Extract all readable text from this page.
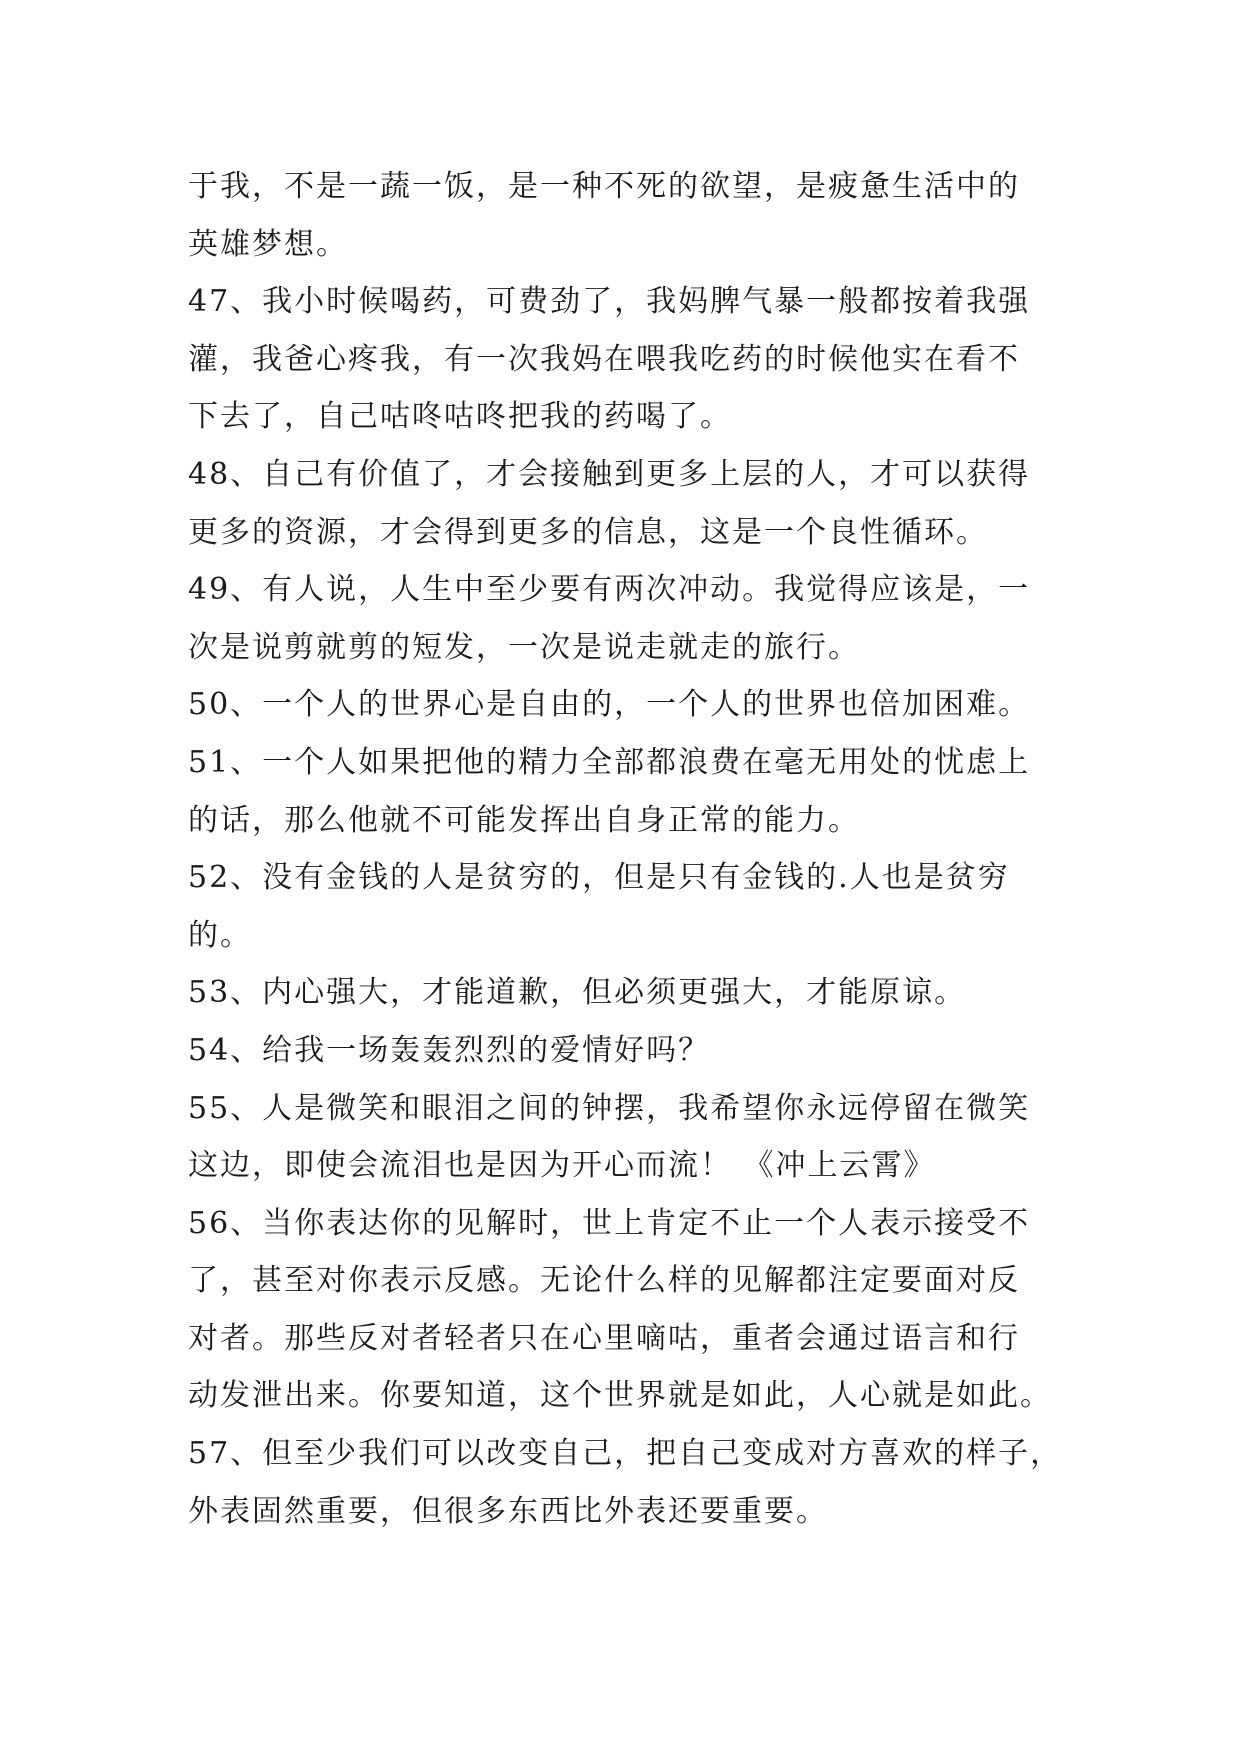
于我，不是一蔬一饭，是一种不死的欲望，是疲惫生活中的
英雄梦想。
47、我小时候喝药，可费劲了，我妈脾气暴一般都按着我强
灌，我爸心疼我，有一次我妈在喂我吃药的时候他实在看不
下去了，自己咕咚咕咚把我的药喝了。
48、自己有价值了，才会接触到更多上层的人，才可以获得
更多的资源，才会得到更多的信息，这是一个良性循环。
49、有人说，人生中至少要有两次冲动。我觉得应该是，一
次是说剪就剪的短发，一次是说走就走的旅行。
50、一个人的世界心是自由的，一个人的世界也倍加困难。
51、一个人如果把他的精力全部都浪费在毫无用处的忧虑上
的话，那么他就不可能发挥出自身正常的能力。
52、没有金钱的人是贫穷的，但是只有金钱的.人也是贫穷
的。
53、内心强大，才能道歉，但必须更强大，才能原谅。
54、给我一场轰轰烈烈的爱情好吗？
55、人是微笑和眼泪之间的钟摆，我希望你永远停留在微笑
这边，即使会流泪也是因为开心而流！ 《冲上云霄》
56、当你表达你的见解时，世上肯定不止一个人表示接受不
了，甚至对你表示反感。无论什么样的见解都注定要面对反
对者。那些反对者轻者只在心里嘀咕，重者会通过语言和行
动发泄出来。你要知道，这个世界就是如此，人心就是如此。
57、但至少我们可以改变自己，把自己变成对方喜欢的样子，
外表固然重要，但很多东西比外表还要重要。
